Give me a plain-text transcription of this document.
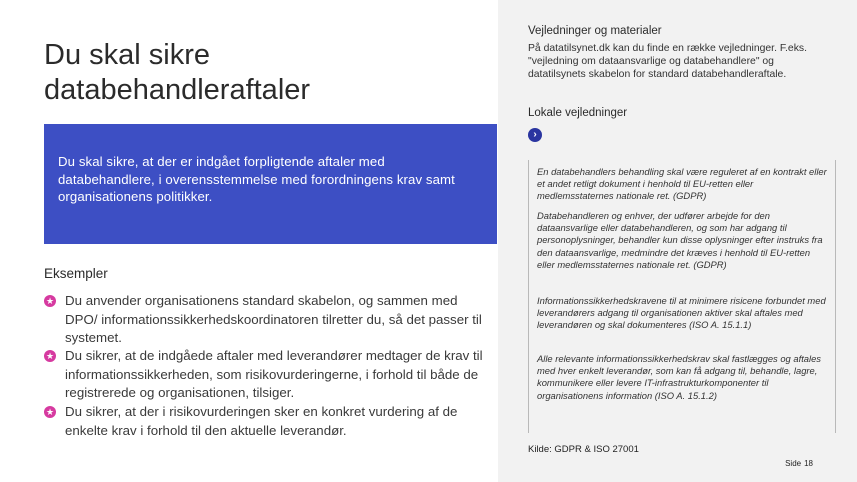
Du skal sikre databehandleraftaler
Du skal sikre, at der er indgået forpligtende aftaler med databehandlere, i overensstemmelse med forordningens krav samt organisationens politikker.
Eksempler
★ Du anvender organisationens standard skabelon, og sammen med DPO/ informationssikkerhedskoordinatoren tilretter du, så det passer til systemet.
★ Du sikrer, at de indgåede aftaler med leverandører medtager de krav til informationssikkerheden, som risikovurderingerne, i forhold til både de registrerede og organisationen, tilsiger.
★ Du sikrer, at der i risikovurderingen sker en konkret vurdering af de enkelte krav i forhold til den aktuelle leverandør.
Vejledninger og materialer
På datatilsynet.dk kan du finde en række vejledninger. F.eks. "vejledning om dataansvarlige og databehandlere" og datatilsynets skabelon for standard databehandleraftale.
Lokale vejledninger
›
En databehandlers behandling skal være reguleret af en kontrakt eller et andet retligt dokument i henhold til EU-retten eller medlemsstaternes nationale ret. (GDPR)
Databehandleren og enhver, der udfører arbejde for den dataansvarlige eller databehandleren, og som har adgang til personoplysninger, behandler kun disse oplysninger efter instruks fra den dataansvarlige, medmindre det kræves i henhold til EU-retten eller medlemsstaternes nationale ret. (GDPR)
Informationssikkerhedskravene til at minimere risicene forbundet med leverandørers adgang til organisationen aktiver skal aftales med leverandøren og skal dokumenteres (ISO A. 15.1.1)
Alle relevante informationssikkerhedskrav skal fastlægges og aftales med hver enkelt leverandør, som kan få adgang til, behandle, lagre, kommunikere eller levere IT-infrastrukturkomponenter til organisationens information (ISO A. 15.1.2)
Kilde: GDPR & ISO 27001
Side 18
